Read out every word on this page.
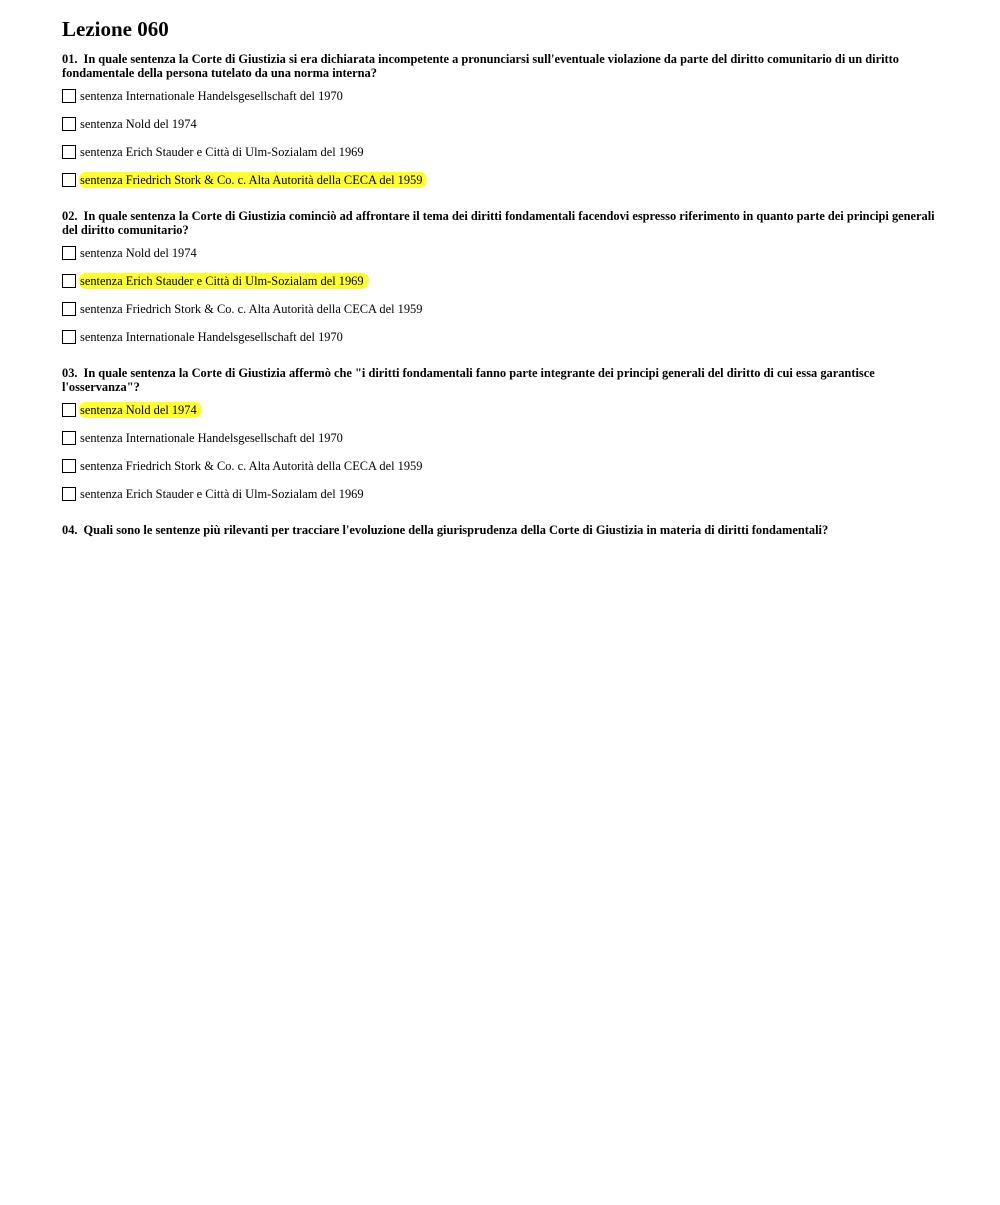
Lezione 060

01. In quale sentenza la Corte di Giustizia si era dichiarata incompetente a pronunciarsi sull'eventuale violazione da parte del diritto comunitario di un diritto fondamentale della persona tutelato da una norma interna?

sentenza Internationale Handelsgesellschaft del 1970
sentenza Nold del 1974
sentenza Erich Stauder e Città di Ulm-Sozialam del 1969
sentenza Friedrich Stork & Co. c. Alta Autorità della CECA del 1959

02. In quale sentenza la Corte di Giustizia cominciò ad affrontare il tema dei diritti fondamentali facendovi espresso riferimento in quanto parte dei principi generali del diritto comunitario?

sentenza Nold del 1974
sentenza Erich Stauder e Città di Ulm-Sozialam del 1969
sentenza Friedrich Stork & Co. c. Alta Autorità della CECA del 1959
sentenza Internationale Handelsgesellschaft del 1970

03. In quale sentenza la Corte di Giustizia affermò che "i diritti fondamentali fanno parte integrante dei principi generali del diritto di cui essa garantisce l'osservanza"?

sentenza Nold del 1974
sentenza Internationale Handelsgesellschaft del 1970
sentenza Friedrich Stork & Co. c. Alta Autorità della CECA del 1959
sentenza Erich Stauder e Città di Ulm-Sozialam del 1969

04. Quali sono le sentenze più rilevanti per tracciare l'evoluzione della giurisprudenza della Corte di Giustizia in materia di diritti fondamentali?
